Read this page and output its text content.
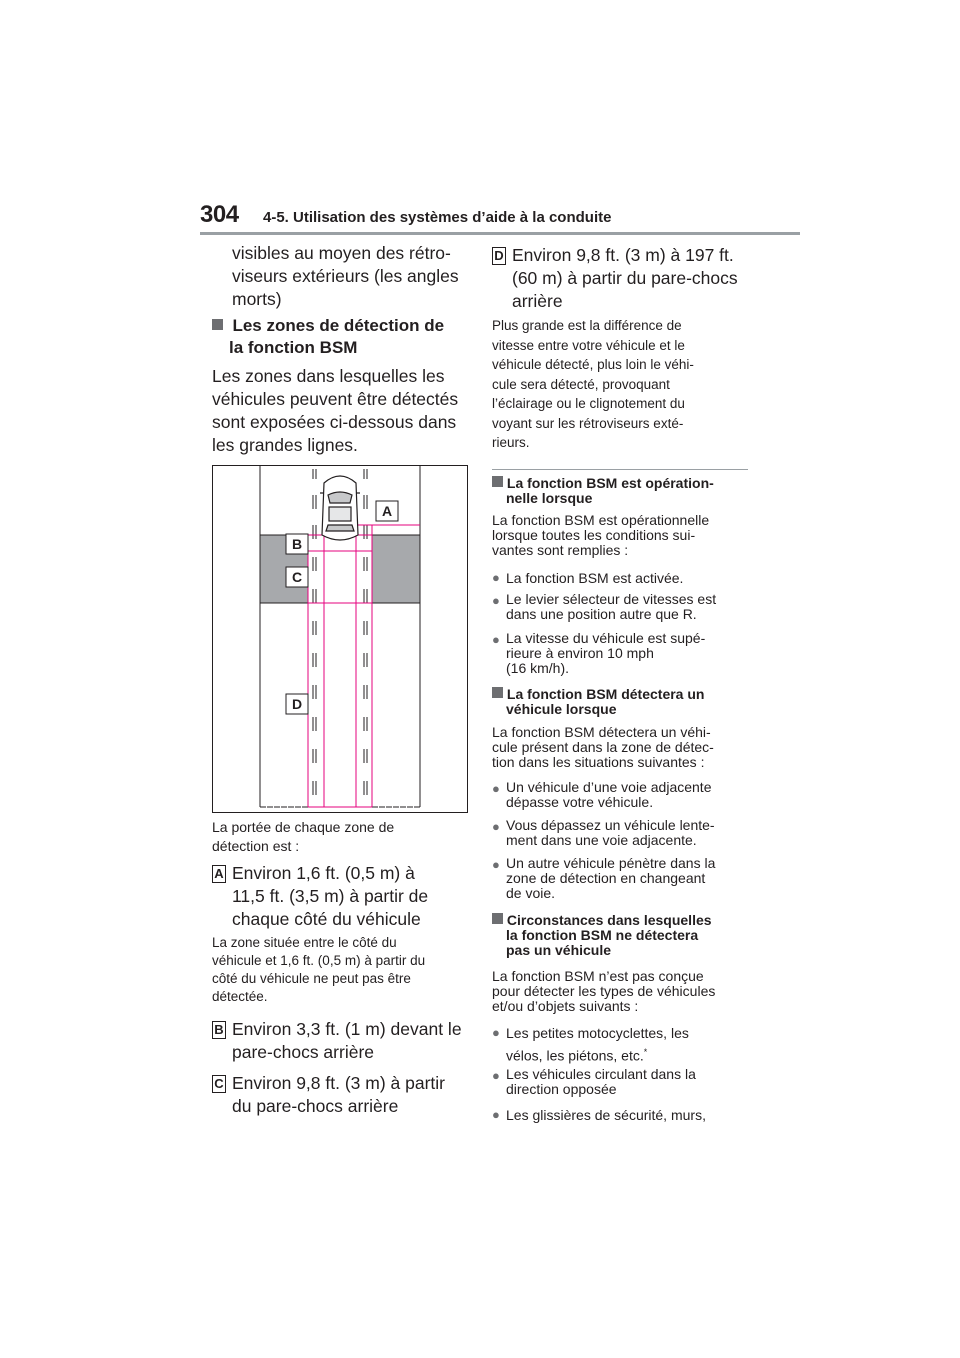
304 4-5. Utilisation des systèmes d’aide à la conduite

visibles au moyen des rétro-

viseurs extérieurs (les angles

morts)

Les zones de détection de
la fonction BSM

Les zones dans lesquelles les

véhicules peuvent être détectés

sont exposées ci-dessous dans

les grandes lignes.

A
B
C
D

La portée de chaque zone de

détection est :

A Environ 1,6 ft. (0,5 m) à

11,5 ft. (3,5 m) à partir de

chaque côté du véhicule

La zone située entre le côté du

véhicule et 1,6 ft. (0,5 m) à partir du

côté du véhicule ne peut pas être

détectée.

B Environ 3,3 ft. (1 m) devant le

pare-chocs arrière

C Environ 9,8 ft. (3 m) à partir

du pare-chocs arrière

D Environ 9,8 ft. (3 m) à 197 ft.

(60 m) à partir du pare-chocs

arrière

Plus grande est la différence de

vitesse entre votre véhicule et le

véhicule détecté, plus loin le véhi-

cule sera détecté, provoquant

l’éclairage ou le clignotement du

voyant sur les rétroviseurs exté-

rieurs.

La fonction BSM est opération-
nelle lorsque

La fonction BSM est opérationnelle

lorsque toutes les conditions sui-

vantes sont remplies :

● La fonction BSM est activée.
● Le levier sélecteur de vitesses est

dans une position autre que R.

● La vitesse du véhicule est supé-

rieure à environ 10 mph

(16 km/h).

La fonction BSM détectera un
véhicule lorsque

La fonction BSM détectera un véhi-

cule présent dans la zone de détec-

tion dans les situations suivantes :

● Un véhicule d’une voie adjacente

dépasse votre véhicule.

● Vous dépassez un véhicule lente-

ment dans une voie adjacente.

● Un autre véhicule pénètre dans la

zone de détection en changeant

de voie.

Circonstances dans lesquelles
la fonction BSM ne détectera
pas un véhicule

La fonction BSM n’est pas conçue

pour détecter les types de véhicules

et/ou d’objets suivants :

● Les petites motocyclettes, les

vélos, les piétons, etc.*

● Les véhicules circulant dans la

direction opposée

● Les glissières de sécurité, murs,
